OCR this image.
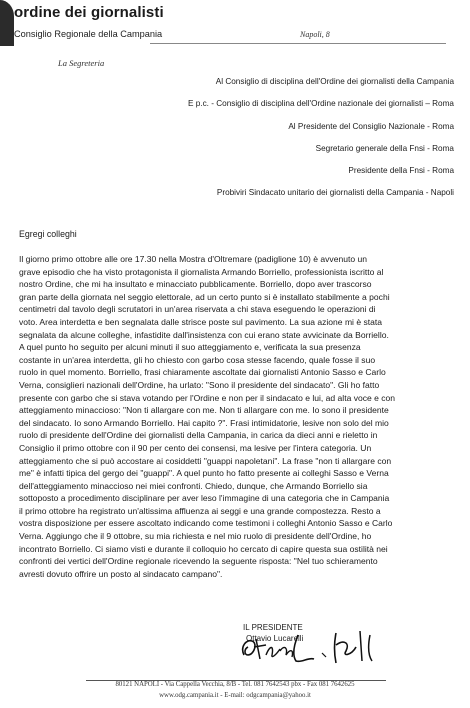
ordine dei giornalisti
Consiglio Regionale della Campania	Napoli, 8
La Segreteria
Al Consiglio di disciplina dell'Ordine dei giornalisti della Campania
E p.c. - Consiglio di disciplina dell'Ordine nazionale dei giornalisti – Roma
Al Presidente del Consiglio Nazionale - Roma
Segretario generale della Fnsi - Roma
Presidente della Fnsi - Roma
Probiviri Sindacato unitario dei giornalisti della Campania - Napoli
Egregi colleghi
Il giorno primo ottobre alle ore 17.30 nella Mostra d'Oltremare (padiglione 10) è avvenuto un
grave episodio che ha visto protagonista il giornalista Armando Borriello, professionista iscritto al
nostro Ordine, che mi ha insultato e minacciato pubblicamente. Borriello, dopo aver trascorso
gran parte della giornata nel seggio elettorale, ad un certo punto si è installato stabilmente a pochi
centimetri dal tavolo degli scrutatori in un'area riservata a chi stava eseguendo le operazioni di
voto. Area interdetta e ben segnalata dalle strisce poste sul pavimento. La sua azione mi è stata
segnalata da alcune colleghe, infastidite dall'insistenza con cui erano state avvicinate da Borriello.
A quel punto ho seguito per alcuni minuti il suo atteggiamento e, verificata la sua presenza
costante in un'area interdetta, gli ho chiesto con garbo cosa stesse facendo, quale fosse il suo
ruolo in quel momento. Borriello, frasi chiaramente ascoltate dai giornalisti Antonio Sasso e Carlo
Verna, consiglieri nazionali dell'Ordine, ha urlato: "Sono il presidente del sindacato". Gli ho fatto
presente con garbo che si stava votando per l'Ordine e non per il sindacato e lui, ad alta voce e con
atteggiamento minaccioso: "Non ti allargare con me. Non ti allargare con me. Io sono il presidente
del sindacato. Io sono Armando Borriello. Hai capito ?". Frasi intimidatorie, lesive non solo del mio
ruolo di presidente dell'Ordine dei giornalisti della Campania, in carica da dieci anni e rieletto in
Consiglio il primo ottobre con il 90 per cento dei consensi, ma lesive per l'intera categoria. Un
atteggiamento che si può accostare ai cosiddetti "guappi napoletani". La frase "non ti allargare con
me" è infatti tipica del gergo dei "guappi". A quel punto ho fatto presente ai colleghi Sasso e Verna
dell'atteggiamento minaccioso nei miei confronti. Chiedo, dunque, che Armando Borriello sia
sottoposto a procedimento disciplinare per aver leso l'immagine di una categoria che in Campania
il primo ottobre ha registrato un'altissima affluenza ai seggi e una grande compostezza. Resto a
vostra disposizione per essere ascoltato indicando come testimoni i colleghi Antonio Sasso e Carlo
Verna. Aggiungo che il 9 ottobre, su mia richiesta e nel mio ruolo di presidente dell'Ordine, ho
incontrato Borriello. Ci siamo visti e durante il colloquio ho cercato di capire questa sua ostilità nei
confronti dei vertici dell'Ordine regionale ricevendo la seguente risposta: "Nel tuo schieramento
avresti dovuto offrire un posto al sindacato campano".
IL PRESIDENTE
Ottavio Lucarelli
80121 NAPOLI - Via Cappella Vecchia, 8/B - Tel. 081 7642543 pbx - Fax 081 7642625
www.odg.campania.it - E-mail: odgcampania@yahoo.it
